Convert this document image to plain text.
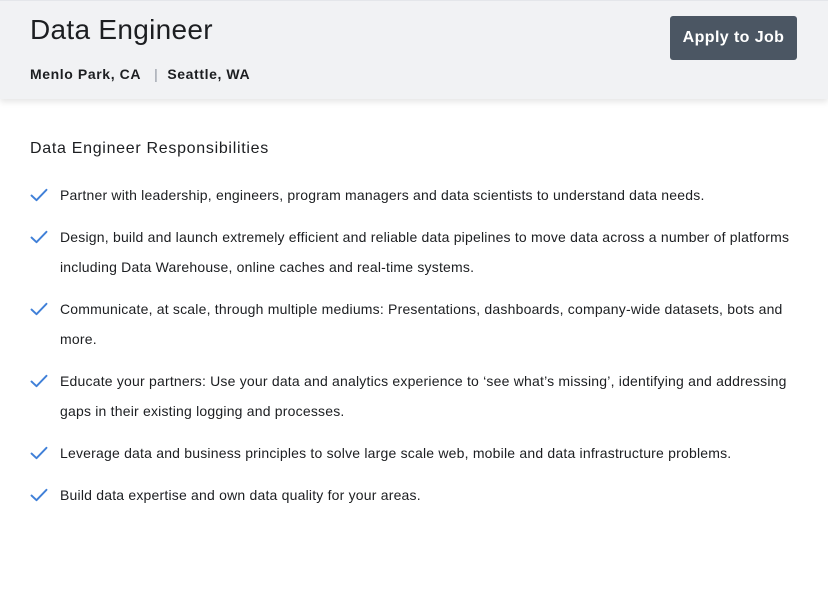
Data Engineer
Menlo Park, CA | Seattle, WA
Apply to Job
Data Engineer Responsibilities
Partner with leadership, engineers, program managers and data scientists to understand data needs.
Design, build and launch extremely efficient and reliable data pipelines to move data across a number of platforms including Data Warehouse, online caches and real-time systems.
Communicate, at scale, through multiple mediums: Presentations, dashboards, company-wide datasets, bots and more.
Educate your partners: Use your data and analytics experience to ‘see what’s missing’, identifying and addressing gaps in their existing logging and processes.
Leverage data and business principles to solve large scale web, mobile and data infrastructure problems.
Build data expertise and own data quality for your areas.
